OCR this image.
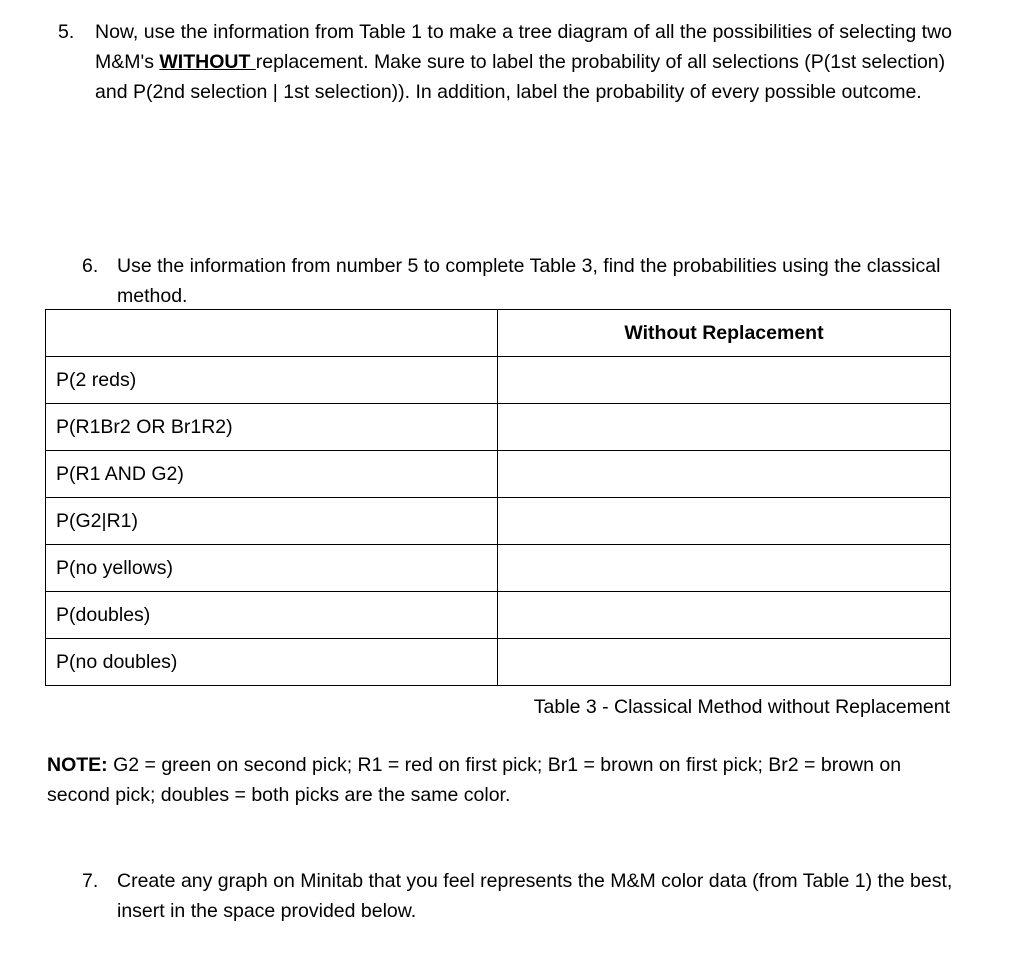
5. Now, use the information from Table 1 to make a tree diagram of all the possibilities of selecting two M&M's WITHOUT replacement. Make sure to label the probability of all selections (P(1st selection) and P(2nd selection | 1st selection)). In addition, label the probability of every possible outcome.
6. Use the information from number 5 to complete Table 3, find the probabilities using the classical method.
	Without Replacement
P(2 reds)	
P(R1Br2 OR Br1R2)	
P(R1 AND G2)	
P(G2|R1)	
P(no yellows)	
P(doubles)	
P(no doubles)	
Table 3 - Classical Method without Replacement
NOTE: G2 = green on second pick; R1 = red on first pick; Br1 = brown on first pick; Br2 = brown on second pick; doubles = both picks are the same color.
7. Create any graph on Minitab that you feel represents the M&M color data (from Table 1) the best, insert in the space provided below.
